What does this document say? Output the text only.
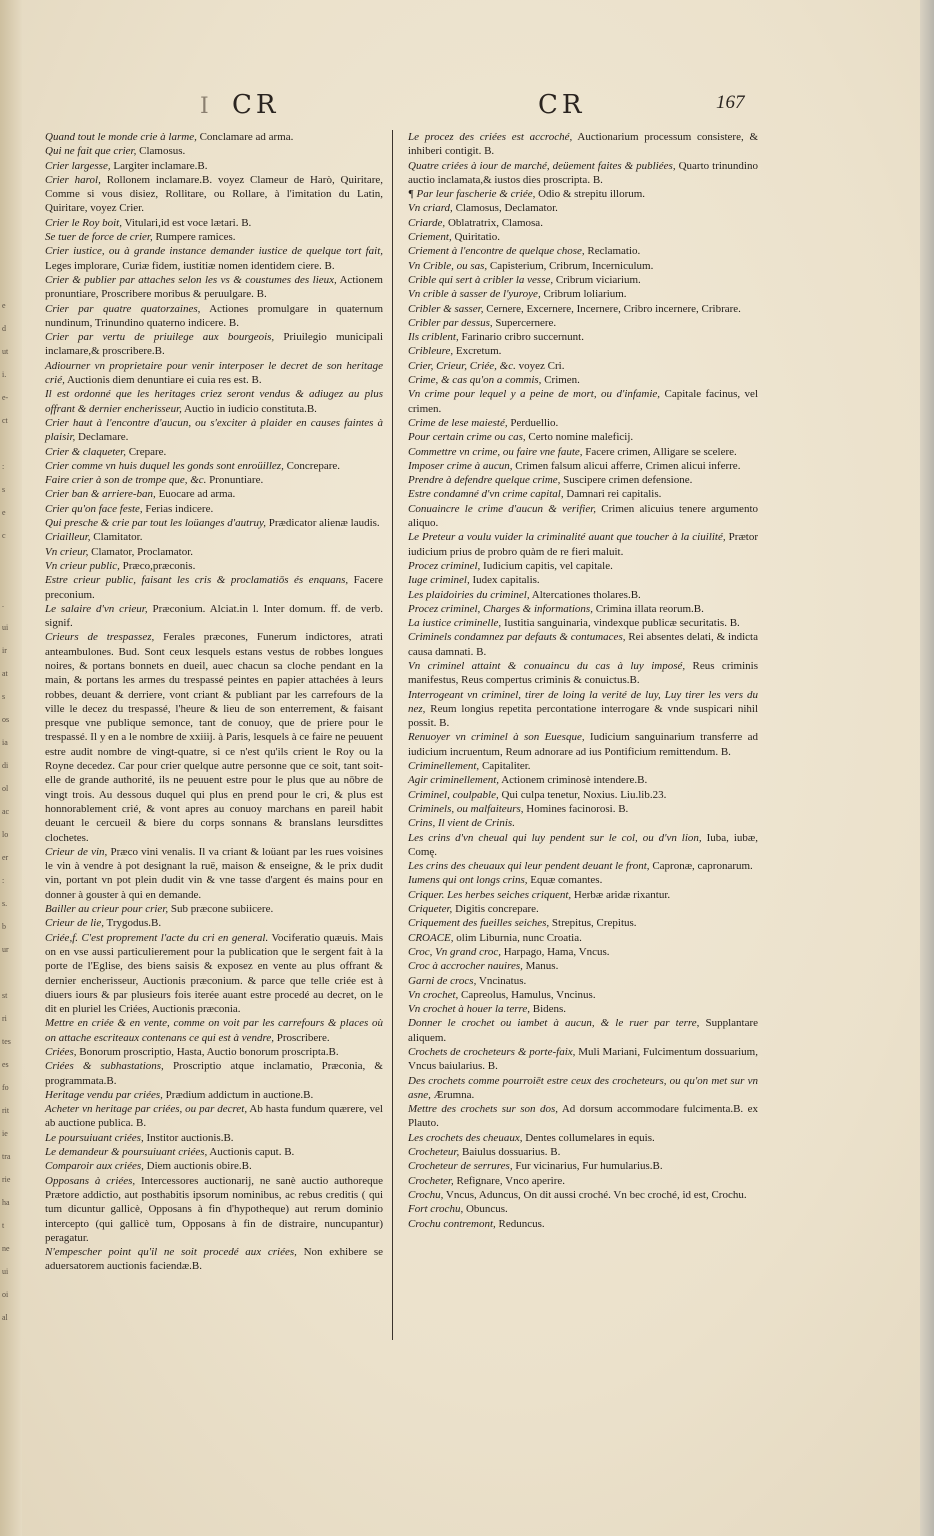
e
d
ut
i.
e-
ct
:
s
e
c
.
ui
ir
at
s
os
ia
di
ol
ac
lo
er
:
s.
b
ur
st
ri
tes
es
fo
rit
ie
tra
rie
ha
t
ne
ui
oi
al
I CR	CR	167

Quand tout le monde crie à larme, Conclamare ad arma.

Qui ne fait que crier, Clamosus.

Crier largesse, Largiter inclamare.B.

Crier harol, Rollonem inclamare.B. voyez Clameur de Harò, Quiritare, Comme si vous disiez, Rollitare, ou Rollare, à l'imitation du Latin, Quiritare, voyez Crier.

Crier le Roy boit, Vitulari,id est voce lætari. B.

Se tuer de force de crier, Rumpere ramices.

Crier iustice, ou à grande instance demander iustice de quelque tort fait, Leges implorare, Curiæ fidem, iustitiæ nomen identidem ciere. B.

Crier & publier par attaches selon les vs & coustumes des lieux, Actionem pronuntiare, Proscribere moribus & peruulgare. B.

Crier par quatre quatorzaines, Actiones promulgare in quaternum nundinum, Trinundino quaterno indicere. B.

Crier par vertu de priuilege aux bourgeois, Priuilegio municipali inclamare,& proscribere.B.

Adiourner vn proprietaire pour venir interposer le decret de son heritage crié, Auctionis diem denuntiare ei cuia res est. B.

Il est ordonné que les heritages criez seront vendus & adiugez au plus offrant & dernier encherisseur, Auctio in iudicio constituta.B.

Crier haut à l'encontre d'aucun, ou s'exciter à plaider en causes faintes à plaisir, Declamare.

Crier & claqueter, Crepare.

Crier comme vn huis duquel les gonds sont enroüillez, Concrepare.

Faire crier à son de trompe que, &c. Pronuntiare.

Crier ban & arriere-ban, Euocare ad arma.

Crier qu'on face feste, Ferias indicere.

Qui presche & crie par tout les loüanges d'autruy, Prædicator alienæ laudis.

Criailleur, Clamitator.

Vn crieur, Clamator, Proclamator.

Vn crieur public, Præco,præconis.

Estre crieur public, faisant les cris & proclamatiōs és enquans, Facere preconium.

Le salaire d'vn crieur, Præconium. Alciat.in l. Inter domum. ff. de verb. signif.

Crieurs de trespassez, Ferales præcones, Funerum indictores, atrati anteambulones. Bud. Sont ceux lesquels estans vestus de robbes longues noires, & portans bonnets en dueil, auec chacun sa cloche pendant en la main, & portans les armes du trespassé peintes en papier attachées à leurs robbes, deuant & derriere, vont criant & publiant par les carrefours de la ville le decez du trespassé, l'heure & lieu de son enterrement, & faisant presque vne publique semonce, tant de conuoy, que de priere pour le trespassé. Il y en a le nombre de xxiiij. à Paris, lesquels à ce faire ne peuuent estre audit nombre de vingt-quatre, si ce n'est qu'ils crient le Roy ou la Royne decedez. Car pour crier quelque autre personne que ce soit, tant soit-elle de grande authorité, ils ne peuuent estre pour le plus que au nōbre de vingt trois. Au dessous duquel qui plus en prend pour le cri, & plus est honnorablement crié, & vont apres au conuoy marchans en pareil habit deuant le cercueil & biere du corps sonnans & branslans leursdittes clochetes.

Crieur de vin, Præco vini venalis. Il va criant & loüant par les rues voisines le vin à vendre à pot designant la ruë, maison & enseigne, & le prix dudit vin, portant vn pot plein dudit vin & vne tasse d'argent és mains pour en donner à gouster à qui en demande.

Bailler au crieur pour crier, Sub præcone subiicere.

Crieur de lie, Trygodus.B.

Criée,f. C'est proprement l'acte du cri en general. Vociferatio quæuis. Mais on en vse aussi particulierement pour la publication que le sergent fait à la porte de l'Eglise, des biens saisis & exposez en vente au plus offrant & dernier encherisseur, Auctionis præconium. & parce que telle criée est à diuers iours & par plusieurs fois iterée auant estre procedé au decret, on le dit en pluriel les Criées, Auctionis præconia.

Mettre en criée & en vente, comme on voit par les carrefours & places où on attache escriteaux contenans ce qui est à vendre, Proscribere.

Criées, Bonorum proscriptio, Hasta, Auctio bonorum proscripta.B.

Criées & subhastations, Proscriptio atque inclamatio, Præconia, & programmata.B.

Heritage vendu par criées, Prædium addictum in auctione.B.

Acheter vn heritage par criées, ou par decret, Ab hasta fundum quærere, vel ab auctione publica. B.

Le poursuiuant criées, Institor auctionis.B.

Le demandeur & poursuiuant criées, Auctionis caput. B.

Comparoir aux criées, Diem auctionis obire.B.

Opposans à criées, Intercessores auctionarij, ne sanè auctio authoreque Prætore addictio, aut posthabitis ipsorum nominibus, ac rebus creditis ( qui tum dicuntur gallicè, Opposans à fin d'hypotheque) aut rerum dominio intercepto (qui gallicè tum, Opposans à fin de distraire, nuncupantur) peragatur.

N'empescher point qu'il ne soit procedé aux criées, Non exhibere se aduersatorem auctionis faciendæ.B.

Le procez des criées est accroché, Auctionarium processum consistere, & inhiberi contigit. B.

Quatre criées à iour de marché, deüement faites & publiées, Quarto trinundino auctio inclamata,& iustos dies proscripta. B.

¶ Par leur fascherie & criée, Odio & strepitu illorum.

Vn criard, Clamosus, Declamator.

Criarde, Oblatratrix, Clamosa.

Criement, Quiritatio.

Criement à l'encontre de quelque chose, Reclamatio.

Vn Crible, ou sas, Capisterium, Cribrum, Incerniculum.

Crible qui sert à cribler la vesse, Cribrum viciarium.

Vn crible à sasser de l'yuroye, Cribrum loliarium.

Cribler & sasser, Cernere, Excernere, Incernere, Cribro incernere, Cribrare.

Cribler par dessus, Supercernere.

Ils criblent, Farinario cribro succernunt.

Cribleure, Excretum.

Crier, Crieur, Criée, &c. voyez Cri.

Crime, & cas qu'on a commis, Crimen.

Vn crime pour lequel y a peine de mort, ou d'infamie, Capitale facinus, vel crimen.

Crime de lese maiesté, Perduellio.

Pour certain crime ou cas, Certo nomine maleficij.

Commettre vn crime, ou faire vne faute, Facere crimen, Alligare se scelere.

Imposer crime à aucun, Crimen falsum alicui afferre, Crimen alicui inferre.

Prendre à defendre quelque crime, Suscipere crimen defensione.

Estre condamné d'vn crime capital, Damnari rei capitalis.

Conuaincre le crime d'aucun & verifier, Crimen alicuius tenere argumento aliquo.

Le Preteur a voulu vuider la criminalité auant que toucher à la ciuilité, Prætor iudicium prius de probro quàm de re fieri maluit.

Procez criminel, Iudicium capitis, vel capitale.

Iuge criminel, Iudex capitalis.

Les plaidoiries du criminel, Altercationes tholares.B.

Procez criminel, Charges & informations, Crimina illata reorum.B.

La iustice criminelle, Iustitia sanguinaria, vindexque publicæ securitatis. B.

Criminels condamnez par defauts & contumaces, Rei absentes delati, & indicta causa damnati. B.

Vn criminel attaint & conuaincu du cas à luy imposé, Reus criminis manifestus, Reus compertus criminis & conuictus.B.

Interrogeant vn criminel, tirer de loing la verité de luy, Luy tirer les vers du nez, Reum longius repetita percontatione interrogare & vnde suspicari nihil possit. B.

Renuoyer vn criminel à son Euesque, Iudicium sanguinarium transferre ad iudicium incruentum, Reum adnorare ad ius Pontificium remittendum. B.

Criminellement, Capitaliter.

Agir criminellement, Actionem criminosè intendere.B.

Criminel, coulpable, Qui culpa tenetur, Noxius. Liu.lib.23.

Criminels, ou malfaiteurs, Homines facinorosi. B.

Crins, Il vient de Crinis.

Les crins d'vn cheual qui luy pendent sur le col, ou d'vn lion, Iuba, iubæ, Comę.

Les crins des cheuaux qui leur pendent deuant le front, Capronæ, capronarum.

Iumens qui ont longs crins, Equæ comantes.

Criquer. Les herbes seiches criquent, Herbæ aridæ rixantur.

Criqueter, Digitis concrepare.

Criquement des fueilles seiches, Strepitus, Crepitus.

CROACE, olim Liburnia, nunc Croatia.

Croc, Vn grand croc, Harpago, Hama, Vncus.

Croc à accrocher nauires, Manus.

Garni de crocs, Vncinatus.

Vn crochet, Capreolus, Hamulus, Vncinus.

Vn crochet à houer la terre, Bidens.

Donner le crochet ou iambet à aucun, & le ruer par terre, Supplantare aliquem.

Crochets de crocheteurs & porte-faix, Muli Mariani, Fulcimentum dossuarium, Vncus baiularius. B.

Des crochets comme pourroiēt estre ceux des crocheteurs, ou qu'on met sur vn asne, Ærumna.

Mettre des crochets sur son dos, Ad dorsum accommodare fulcimenta.B. ex Plauto.

Les crochets des cheuaux, Dentes collumelares in equis.

Crocheteur, Baiulus dossuarius. B.

Crocheteur de serrures, Fur vicinarius, Fur humularius.B.

Crocheter, Refignare, Vnco aperire.

Crochu, Vncus, Aduncus, On dit aussi croché. Vn bec croché, id est, Crochu.

Fort crochu, Obuncus.

Crochu contremont, Reduncus.
